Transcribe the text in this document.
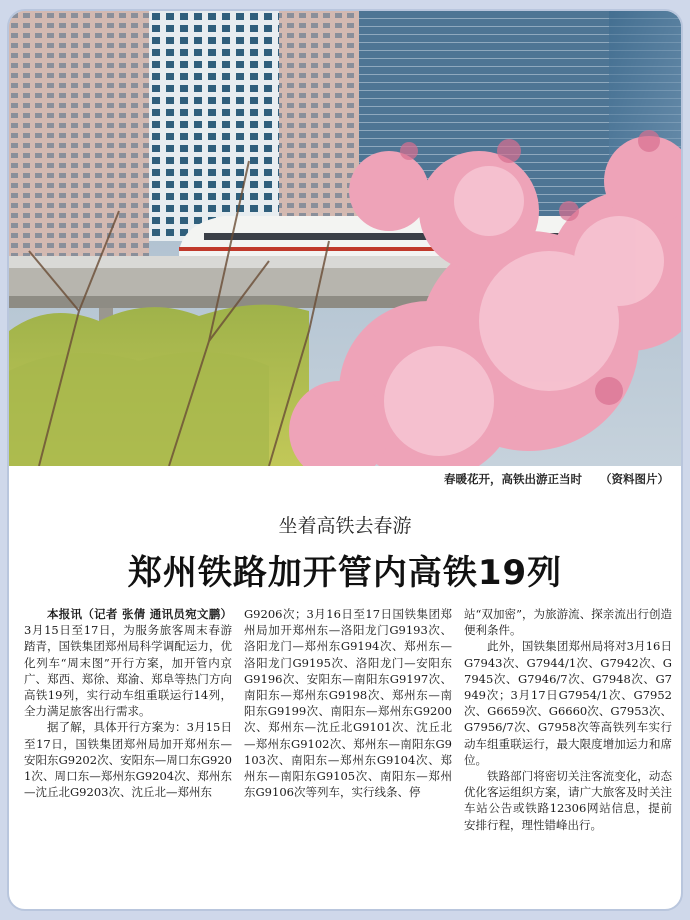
春暖花开，高铁出游正当时 （资料图片）
坐着高铁去春游
郑州铁路加开管内高铁19列

本报讯（记者 张倩 通讯员宛文鹏）3月15日至17日，为服务旅客周末春游踏青，国铁集团郑州局科学调配运力，优化列车“周末图”开行方案，加开管内京广、郑西、郑徐、郑渝、郑阜等热门方向高铁19列，实行动车组重联运行14列，全力满足旅客出行需求。

据了解，具体开行方案为：3月15日至17日，国铁集团郑州局加开郑州东—安阳东G9202次、安阳东—周口东G9201次、周口东—郑州东G9204次、郑州东—沈丘北G9203次、沈丘北—郑州东

G9206次；3月16日至17日国铁集团郑州局加开郑州东—洛阳龙门G9193次、洛阳龙门—郑州东G9194次、郑州东—洛阳龙门G9195次、洛阳龙门—安阳东G9196次、安阳东—南阳东G9197次、南阳东—郑州东G9198次、郑州东—南阳东G9199次、南阳东—郑州东G9200次、郑州东—沈丘北G9101次、沈丘北—郑州东G9102次、郑州东—南阳东G9103次、南阳东—郑州东G9104次、郑州东—南阳东G9105次、南阳东—郑州东G9106次等列车，实行线条、停

站“双加密”，为旅游流、探亲流出行创造便利条件。

此外，国铁集团郑州局将对3月16日G7943次、G7944/1次、G7942次、G7945次、G7946/7次、G7948次、G7949次；3月17日G7954/1次、G7952次、G6659次、G6660次、G7953次、G7956/7次、G7958次等高铁列车实行动车组重联运行，最大限度增加运力和席位。

铁路部门将密切关注客流变化，动态优化客运组织方案，请广大旅客及时关注车站公告或铁路12306网站信息，提前安排行程，理性错峰出行。
